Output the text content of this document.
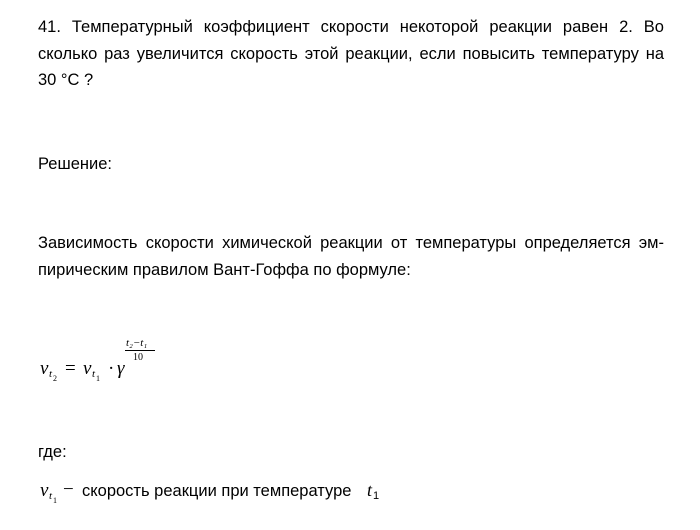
41. Температурный коэффициент скорости некоторой реакции равен 2. Во сколько раз увеличится скорость этой реакции, если повысить температуру на 30 °С ?
Решение:
Зависимость скорости химической реакции от температуры определяется эм-пирическим правилом Вант-Гоффа по формуле:
v t 2 = v t 1 · γ
t₂−t₁
10
где:
v t 1
− скорость реакции при температуре t 1
